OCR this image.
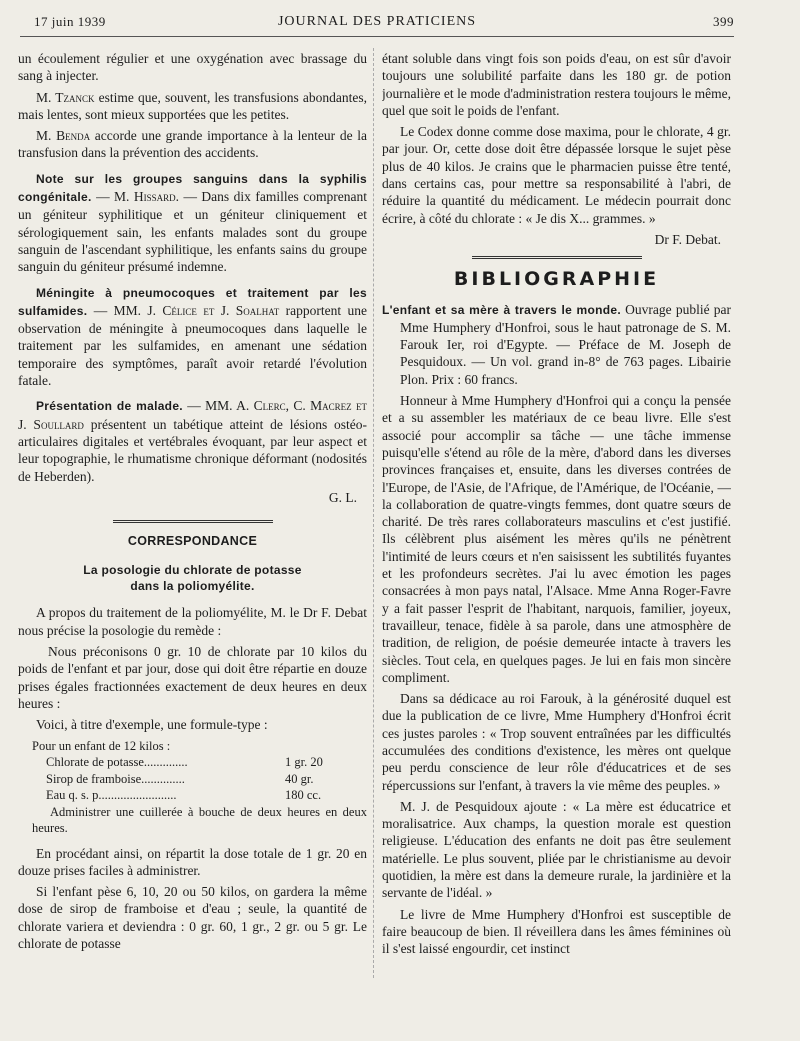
17 juin 1939	JOURNAL DES PRATICIENS	399

un écoulement régulier et une oxygénation avec brassage du sang à injecter.

M. Tzanck estime que, souvent, les transfusions abondantes, mais lentes, sont mieux supportées que les petites.

M. Benda accorde une grande importance à la lenteur de la transfusion dans la prévention des accidents.

Note sur les groupes sanguins dans la syphilis congénitale. — M. Hissard. — Dans dix familles comprenant un géniteur syphilitique et un géniteur cliniquement et sérologiquement sain, les enfants malades sont du groupe sanguin de l'ascendant syphilitique, les enfants sains du groupe sanguin du géniteur présumé indemne.

Méningite à pneumocoques et traitement par les sulfamides. — MM. J. Célice et J. Soalhat rapportent une observation de méningite à pneumocoques dans laquelle le traitement par les sulfamides, en amenant une sédation temporaire des symptômes, paraît avoir retardé l'évolution fatale.

Présentation de malade. — MM. A. Clerc, C. Macrez et J. Soullard présentent un tabétique atteint de lésions ostéo-articulaires digitales et vertébrales évoquant, par leur aspect et leur topographie, le rhumatisme chronique déformant (nodosités de Heberden).

G. L.

CORRESPONDANCE
La posologie du chlorate de potasse
dans la poliomyélite.

A propos du traitement de la poliomyélite, M. le Dr F. Debat nous précise la posologie du remède :

Nous préconisons 0 gr. 10 de chlorate par 10 kilos du poids de l'enfant et par jour, dose qui doit être répartie en douze prises égales fractionnées exactement de deux heures en deux heures :

Voici, à titre d'exemple, une formule-type :

Pour un enfant de 12 kilos :
Chlorate de potasse..............	1 gr. 20
Sirop de framboise..............	40 gr.
Eau q. s. p.........................	180 cc.
Administrer une cuillerée à bouche de deux heures en deux heures.

En procédant ainsi, on répartit la dose totale de 1 gr. 20 en douze prises faciles à administrer.

Si l'enfant pèse 6, 10, 20 ou 50 kilos, on gardera la même dose de sirop de framboise et d'eau ; seule, la quantité de chlorate variera et deviendra : 0 gr. 60, 1 gr., 2 gr. ou 5 gr. Le chlorate de potasse

étant soluble dans vingt fois son poids d'eau, on est sûr d'avoir toujours une solubilité parfaite dans les 180 gr. de potion journalière et le mode d'administration restera toujours le même, quel que soit le poids de l'enfant.

Le Codex donne comme dose maxima, pour le chlorate, 4 gr. par jour. Or, cette dose doit être dépassée lorsque le sujet pèse plus de 40 kilos. Je crains que le pharmacien puisse être tenté, dans certains cas, pour mettre sa responsabilité à l'abri, de réduire la quantité du médicament. Le médecin pourrait donc écrire, à côté du chlorate : « Je dis X... grammes. »

Dr F. Debat.

BIBLIOGRAPHIE

L'enfant et sa mère à travers le monde. Ouvrage publié par Mme Humphery d'Honfroi, sous le haut patronage de S. M. Farouk Ier, roi d'Egypte. — Préface de M. Joseph de Pesquidoux. — Un vol. grand in-8° de 763 pages. Libairie Plon. Prix : 60 francs.

Honneur à Mme Humphery d'Honfroi qui a conçu la pensée et a su assembler les matériaux de ce beau livre. Elle s'est associé pour accomplir sa tâche — une tâche immense puisqu'elle s'étend au rôle de la mère, d'abord dans les diverses provinces françaises et, ensuite, dans les diverses contrées de l'Europe, de l'Asie, de l'Afrique, de l'Amérique, de l'Océanie, — la collaboration de quatre-vingts femmes, dont quatre sœurs de charité. De très rares collaborateurs masculins et c'est justifié. Ils célèbrent plus aisément les mères qu'ils ne pénètrent l'intimité de leurs cœurs et n'en saisissent les subtilités fuyantes et les profondeurs secrètes. J'ai lu avec émotion les pages consacrées à mon pays natal, l'Alsace. Mme Anna Roger-Favre y a fait passer l'esprit de l'habitant, narquois, familier, joyeux, travailleur, tenace, fidèle à sa parole, dans une atmosphère de tradition, de religion, de poésie demeurée intacte à travers les siècles. Tout cela, en quelques pages. Je lui en fais mon sincère compliment.

Dans sa dédicace au roi Farouk, à la générosité duquel est due la publication de ce livre, Mme Humphery d'Honfroi écrit ces justes paroles : « Trop souvent entraînées par les difficultés accumulées des conditions d'existence, les mères ont quelque peu perdu conscience de leur rôle d'éducatrices et de ses répercussions sur l'enfant, à travers la vie même des peuples. »

M. J. de Pesquidoux ajoute : « La mère est éducatrice et moralisatrice. Aux champs, la question morale est question religieuse. L'éducation des enfants ne doit pas être seulement matérielle. Le plus souvent, pliée par le christianisme au devoir quotidien, la mère est dans la demeure rurale, la jardinière et la servante de l'idéal. »

Le livre de Mme Humphery d'Honfroi est susceptible de faire beaucoup de bien. Il réveillera dans les âmes féminines où il s'est laissé engourdir, cet instinct
